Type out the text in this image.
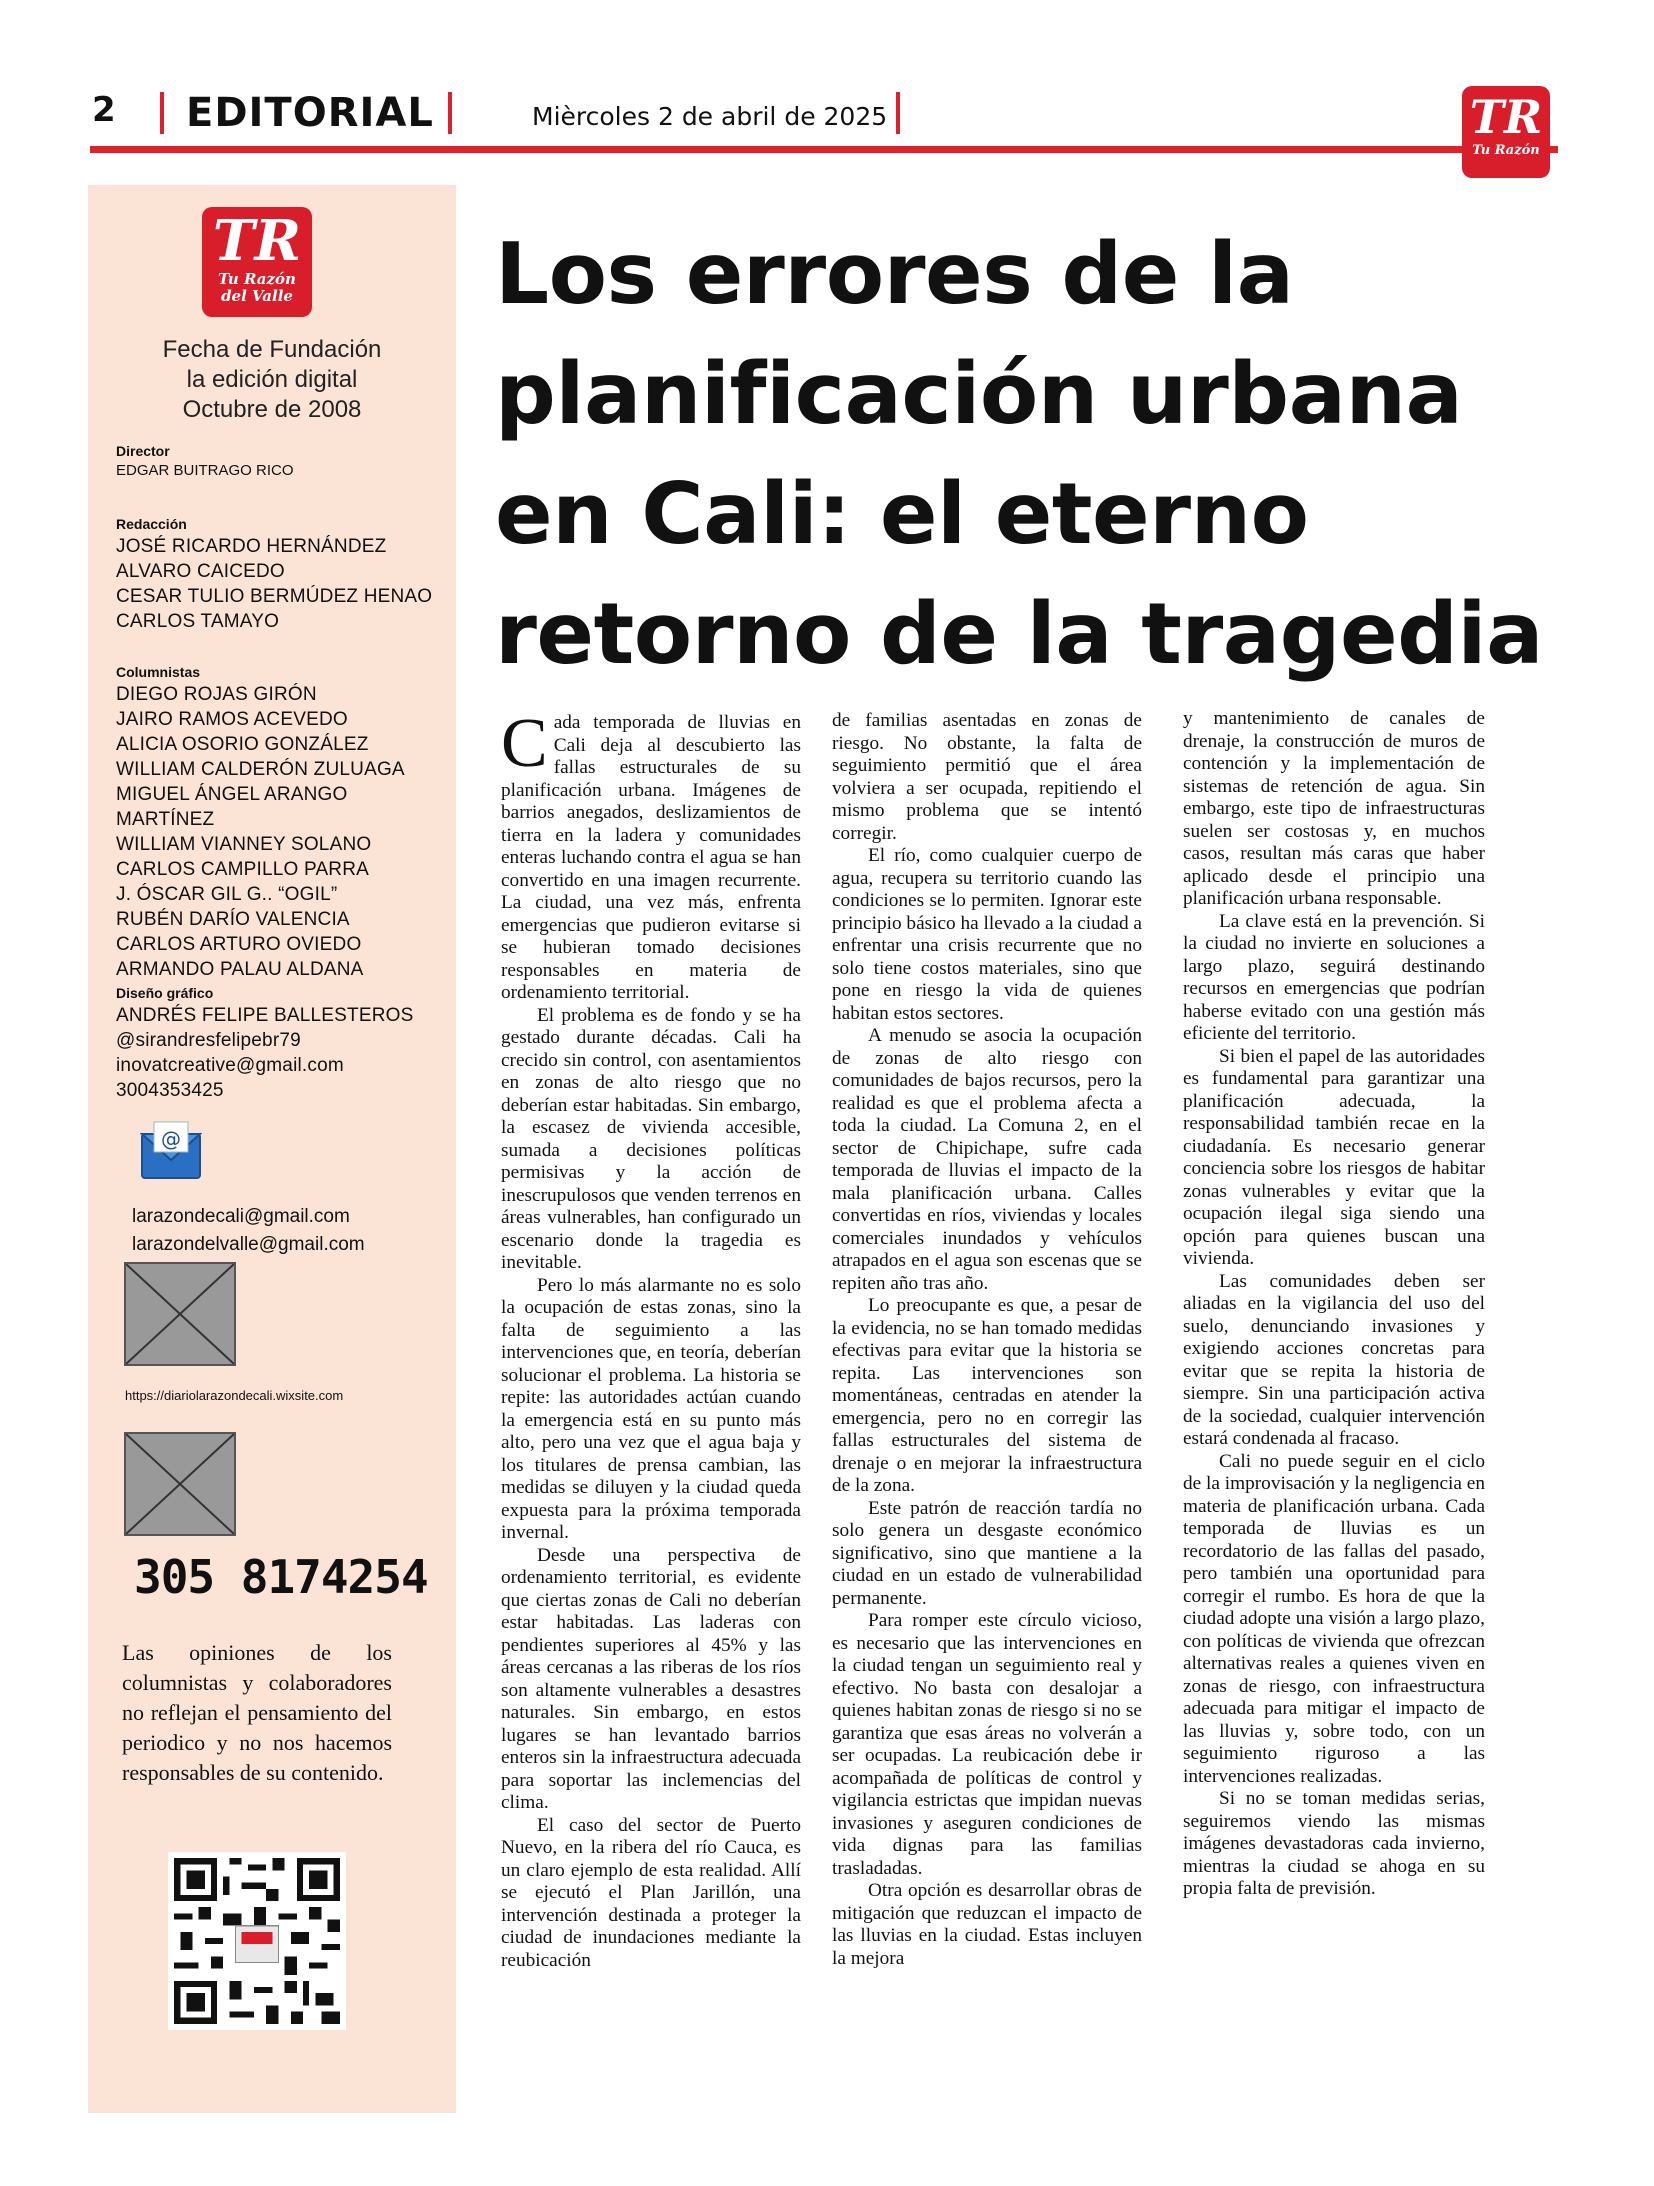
2 EDITORIAL	Mièrcoles 2 de abril de 2025	TR
Tu Razón
TR
Tu Razón
del Valle
Fecha de Fundación
la edición digital
Octubre de 2008
Director
EDGAR BUITRAGO RICO
Redacción
JOSÉ RICARDO HERNÁNDEZ
ALVARO CAICEDO
CESAR TULIO BERMÚDEZ HENAO
CARLOS TAMAYO
Columnistas
DIEGO ROJAS GIRÓN
JAIRO RAMOS ACEVEDO
ALICIA OSORIO GONZÁLEZ
WILLIAM CALDERÓN ZULUAGA
MIGUEL ÁNGEL ARANGO MARTÍNEZ
WILLIAM VIANNEY SOLANO
CARLOS CAMPILLO PARRA
J. ÓSCAR GIL G.. “OGIL”
RUBÉN DARÍO VALENCIA
CARLOS ARTURO OVIEDO
ARMANDO PALAU ALDANA
Diseño gráfico
ANDRÉS FELIPE BALLESTEROS
@sirandresfelipebr79
inovatcreative@gmail.com
3004353425
@
larazondecali@gmail.com
larazondelvalle@gmail.com
https://diariolarazondecali.wixsite.com
305 8174254
Las opiniones de los columnistas y colaboradores no reflejan el pensamiento del periodico y no nos hacemos responsables de su contenido.
Los errores de la planificación urbana en Cali: el eterno retorno de la tragedia

Cada temporada de lluvias en Cali deja al descubierto las fallas estructurales de su planificación urbana. Imágenes de barrios anegados, deslizamientos de tierra en la ladera y comunidades enteras luchando contra el agua se han convertido en una imagen recurrente. La ciudad, una vez más, enfrenta emergencias que pudieron evitarse si se hubieran tomado decisiones responsables en materia de ordenamiento territorial.

El problema es de fondo y se ha gestado durante décadas. Cali ha crecido sin control, con asentamientos en zonas de alto riesgo que no deberían estar habitadas. Sin embargo, la escasez de vivienda accesible, sumada a decisiones políticas permisivas y la acción de inescrupulosos que venden terrenos en áreas vulnerables, han configurado un escenario donde la tragedia es inevitable.

Pero lo más alarmante no es solo la ocupación de estas zonas, sino la falta de seguimiento a las intervenciones que, en teoría, deberían solucionar el problema. La historia se repite: las autoridades actúan cuando la emergencia está en su punto más alto, pero una vez que el agua baja y los titulares de prensa cambian, las medidas se diluyen y la ciudad queda expuesta para la próxima temporada invernal.

Desde una perspectiva de ordenamiento territorial, es evidente que ciertas zonas de Cali no deberían estar habitadas. Las laderas con pendientes superiores al 45% y las áreas cercanas a las riberas de los ríos son altamente vulnerables a desastres naturales. Sin embargo, en estos lugares se han levantado barrios enteros sin la infraestructura adecuada para soportar las inclemencias del clima.

El caso del sector de Puerto Nuevo, en la ribera del río Cauca, es un claro ejemplo de esta realidad. Allí se ejecutó el Plan Jarillón, una intervención destinada a proteger la ciudad de inundaciones mediante la reubicación

de familias asentadas en zonas de riesgo. No obstante, la falta de seguimiento permitió que el área volviera a ser ocupada, repitiendo el mismo problema que se intentó corregir.

El río, como cualquier cuerpo de agua, recupera su territorio cuando las condiciones se lo permiten. Ignorar este principio básico ha llevado a la ciudad a enfrentar una crisis recurrente que no solo tiene costos materiales, sino que pone en riesgo la vida de quienes habitan estos sectores.

A menudo se asocia la ocupación de zonas de alto riesgo con comunidades de bajos recursos, pero la realidad es que el problema afecta a toda la ciudad. La Comuna 2, en el sector de Chipichape, sufre cada temporada de lluvias el impacto de la mala planificación urbana. Calles convertidas en ríos, viviendas y locales comerciales inundados y vehículos atrapados en el agua son escenas que se repiten año tras año.

Lo preocupante es que, a pesar de la evidencia, no se han tomado medidas efectivas para evitar que la historia se repita. Las intervenciones son momentáneas, centradas en atender la emergencia, pero no en corregir las fallas estructurales del sistema de drenaje o en mejorar la infraestructura de la zona.

Este patrón de reacción tardía no solo genera un desgaste económico significativo, sino que mantiene a la ciudad en un estado de vulnerabilidad permanente.

Para romper este círculo vicioso, es necesario que las intervenciones en la ciudad tengan un seguimiento real y efectivo. No basta con desalojar a quienes habitan zonas de riesgo si no se garantiza que esas áreas no volverán a ser ocupadas. La reubicación debe ir acompañada de políticas de control y vigilancia estrictas que impidan nuevas invasiones y aseguren condiciones de vida dignas para las familias trasladadas.

Otra opción es desarrollar obras de mitigación que reduzcan el impacto de las lluvias en la ciudad. Estas incluyen la mejora

y mantenimiento de canales de drenaje, la construcción de muros de contención y la implementación de sistemas de retención de agua. Sin embargo, este tipo de infraestructuras suelen ser costosas y, en muchos casos, resultan más caras que haber aplicado desde el principio una planificación urbana responsable.

La clave está en la prevención. Si la ciudad no invierte en soluciones a largo plazo, seguirá destinando recursos en emergencias que podrían haberse evitado con una gestión más eficiente del territorio.

Si bien el papel de las autoridades es fundamental para garantizar una planificación adecuada, la responsabilidad también recae en la ciudadanía. Es necesario generar conciencia sobre los riesgos de habitar zonas vulnerables y evitar que la ocupación ilegal siga siendo una opción para quienes buscan una vivienda.

Las comunidades deben ser aliadas en la vigilancia del uso del suelo, denunciando invasiones y exigiendo acciones concretas para evitar que se repita la historia de siempre. Sin una participación activa de la sociedad, cualquier intervención estará condenada al fracaso.

Cali no puede seguir en el ciclo de la improvisación y la negligencia en materia de planificación urbana. Cada temporada de lluvias es un recordatorio de las fallas del pasado, pero también una oportunidad para corregir el rumbo. Es hora de que la ciudad adopte una visión a largo plazo, con políticas de vivienda que ofrezcan alternativas reales a quienes viven en zonas de riesgo, con infraestructura adecuada para mitigar el impacto de las lluvias y, sobre todo, con un seguimiento riguroso a las intervenciones realizadas.

Si no se toman medidas serias, seguiremos viendo las mismas imágenes devastadoras cada invierno, mientras la ciudad se ahoga en su propia falta de previsión.
